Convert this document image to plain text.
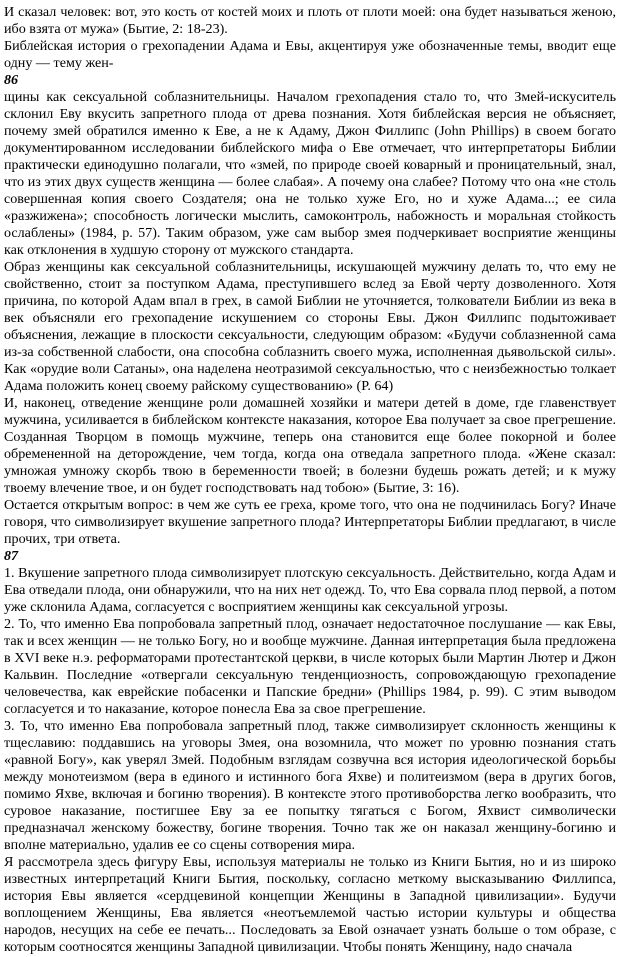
И сказал человек: вот, это кость от костей моих и плоть от плоти моей: она будет называться женою, ибо взята от мужа» (Бытие, 2: 18-23).

Библейская история о грехопадении Адама и Евы, акцентируя уже обозначенные темы, вводит еще одну — тему жен-

86

щины как сексуальной соблазнительницы. Началом грехопадения стало то, что Змей-искуситель склонил Еву вкусить запретного плода от древа познания. Хотя библейская версия не объясняет, почему змей обратился именно к Еве, а не к Адаму, Джон Филлипс (John Phillips) в своем богато документированном исследовании библейского мифа о Еве отмечает, что интерпретаторы Библии практически единодушно полагали, что «змей, по природе своей коварный и проницательный, знал, что из этих двух существ женщина — более слабая». А почему она слабее? Потому что она «не столь совершенная копия своего Создателя; она не только хуже Его, но и хуже Адама...; ее сила «разжижена»; способность логически мыслить, самоконтроль, набожность и моральная стойкость ослаблены» (1984, р. 57). Таким образом, уже сам выбор змея подчеркивает восприятие женщины как отклонения в худшую сторону от мужского стандарта.

Образ женщины как сексуальной соблазнительницы, искушающей мужчину делать то, что ему не свойственно, стоит за поступком Адама, преступившего вслед за Евой черту дозволенного. Хотя причина, по которой Адам впал в грех, в самой Библии не уточняется, толкователи Библии из века в век объясняли его грехопадение искушением со стороны Евы. Джон Филлипс подытоживает объяснения, лежащие в плоскости сексуальности, следующим образом: «Будучи соблазненной сама из-за собственной слабости, она способна соблазнить своего мужа, исполненная дьявольской силы». Как «орудие воли Сатаны», она наделена неотразимой сексуальностью, что с неизбежностью толкает Адама положить конец своему райскому существованию» (Р. 64)

И, наконец, отведение женщине роли домашней хозяйки и матери детей в доме, где главенствует мужчина, усиливается в библейском контексте наказания, которое Ева получает за свое прегрешение. Созданная Творцом в помощь мужчине, теперь она становится еще более покорной и более обремененной на деторождение, чем тогда, когда она отведала запретного плода. «Жене сказал: умножая умножу скорбь твою в беременности твоей; в болезни будешь рожать детей; и к мужу твоему влечение твое, и он будет господствовать над тобою» (Бытие, 3: 16).

Остается открытым вопрос: в чем же суть ее греха, кроме того, что она не подчинилась Богу? Иначе говоря, что символизирует вкушение запретного плода? Интерпретаторы Библии предлагают, в числе прочих, три ответа.

87

1. Вкушение запретного плода символизирует плотскую сексуальность. Действительно, когда Адам и Ева отведали плода, они обнаружили, что на них нет одежд. То, что Ева сорвала плод первой, а потом уже склонила Адама, согласуется с восприятием женщины как сексуальной угрозы.

2. То, что именно Ева попробовала запретный плод, означает недостаточное послушание — как Евы, так и всех женщин — не только Богу, но и вообще мужчине. Данная интерпретация была предложена в XVI веке н.э. реформаторами протестантской церкви, в числе которых были Мартин Лютер и Джон Кальвин. Последние «отвергали сексуальную тенденциозность, сопровождающую грехопадение человечества, как еврейские побасенки и Папские бредни» (Phillips 1984, р. 99). С этим выводом согласуется и то наказание, которое понесла Ева за свое прегрешение.

3. То, что именно Ева попробовала запретный плод, также символизирует склонность женщины к тщеславию: поддавшись на уговоры Змея, она возомнила, что может по уровню познания стать «равной Богу», как уверял Змей. Подобным взглядам созвучна вся история идеологической борьбы между монотеизмом (вера в единого и истинного бога Яхве) и политеизмом (вера в других богов, помимо Яхве, включая и богиню творения). В контексте этого противоборства легко вообразить, что суровое наказание, постигшее Еву за ее попытку тягаться с Богом, Яхвист символически предназначал женскому божеству, богине творения. Точно так же он наказал женщину-богиню и вполне материально, удалив ее со сцены сотворения мира.

Я рассмотрела здесь фигуру Евы, используя материалы не только из Книги Бытия, но и из широко известных интерпретаций Книги Бытия, поскольку, согласно меткому высказыванию Филлипса, история Евы является «сердцевиной концепции Женщины в Западной цивилизации». Будучи воплощением Женщины, Ева является «неотъемлемой частью истории культуры и общества народов, несущих на себе ее печать... Последовать за Евой означает узнать больше о том образе, с которым соотносятся женщины Западной цивилизации. Чтобы понять Женщину, надо сначала
